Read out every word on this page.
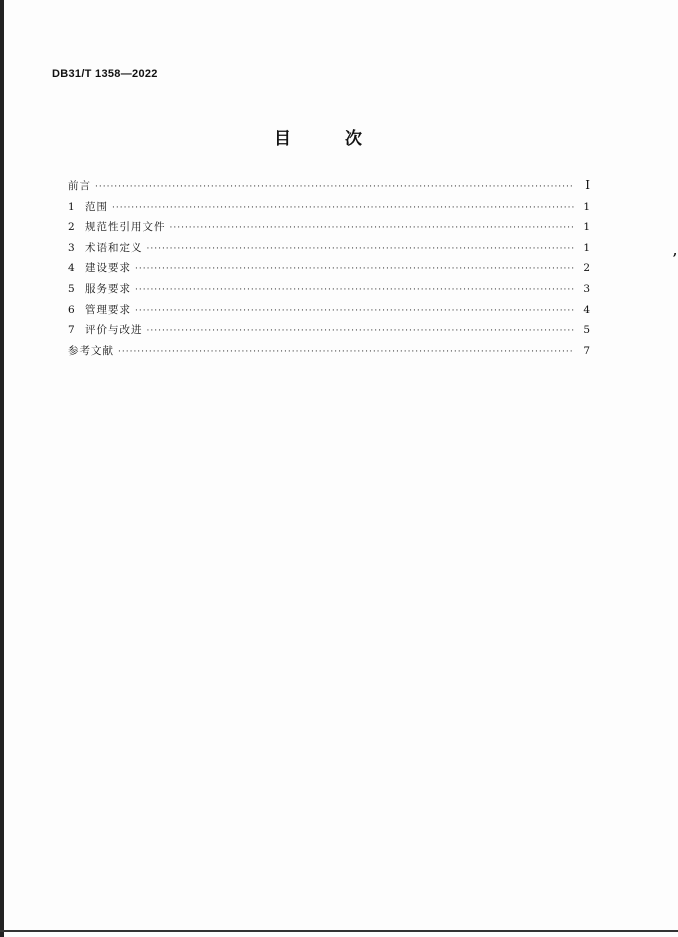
DB31/T 1358—2022
目 次
前言 ·····	I
1 范围 ·····	1
2 规范性引用文件 ·····	1
3 术语和定义 ·····	1
4 建设要求 ·····	2
5 服务要求 ·····	3
6 管理要求 ·····	4
7 评价与改进 ·····	5
参考文献 ·····	7
,
